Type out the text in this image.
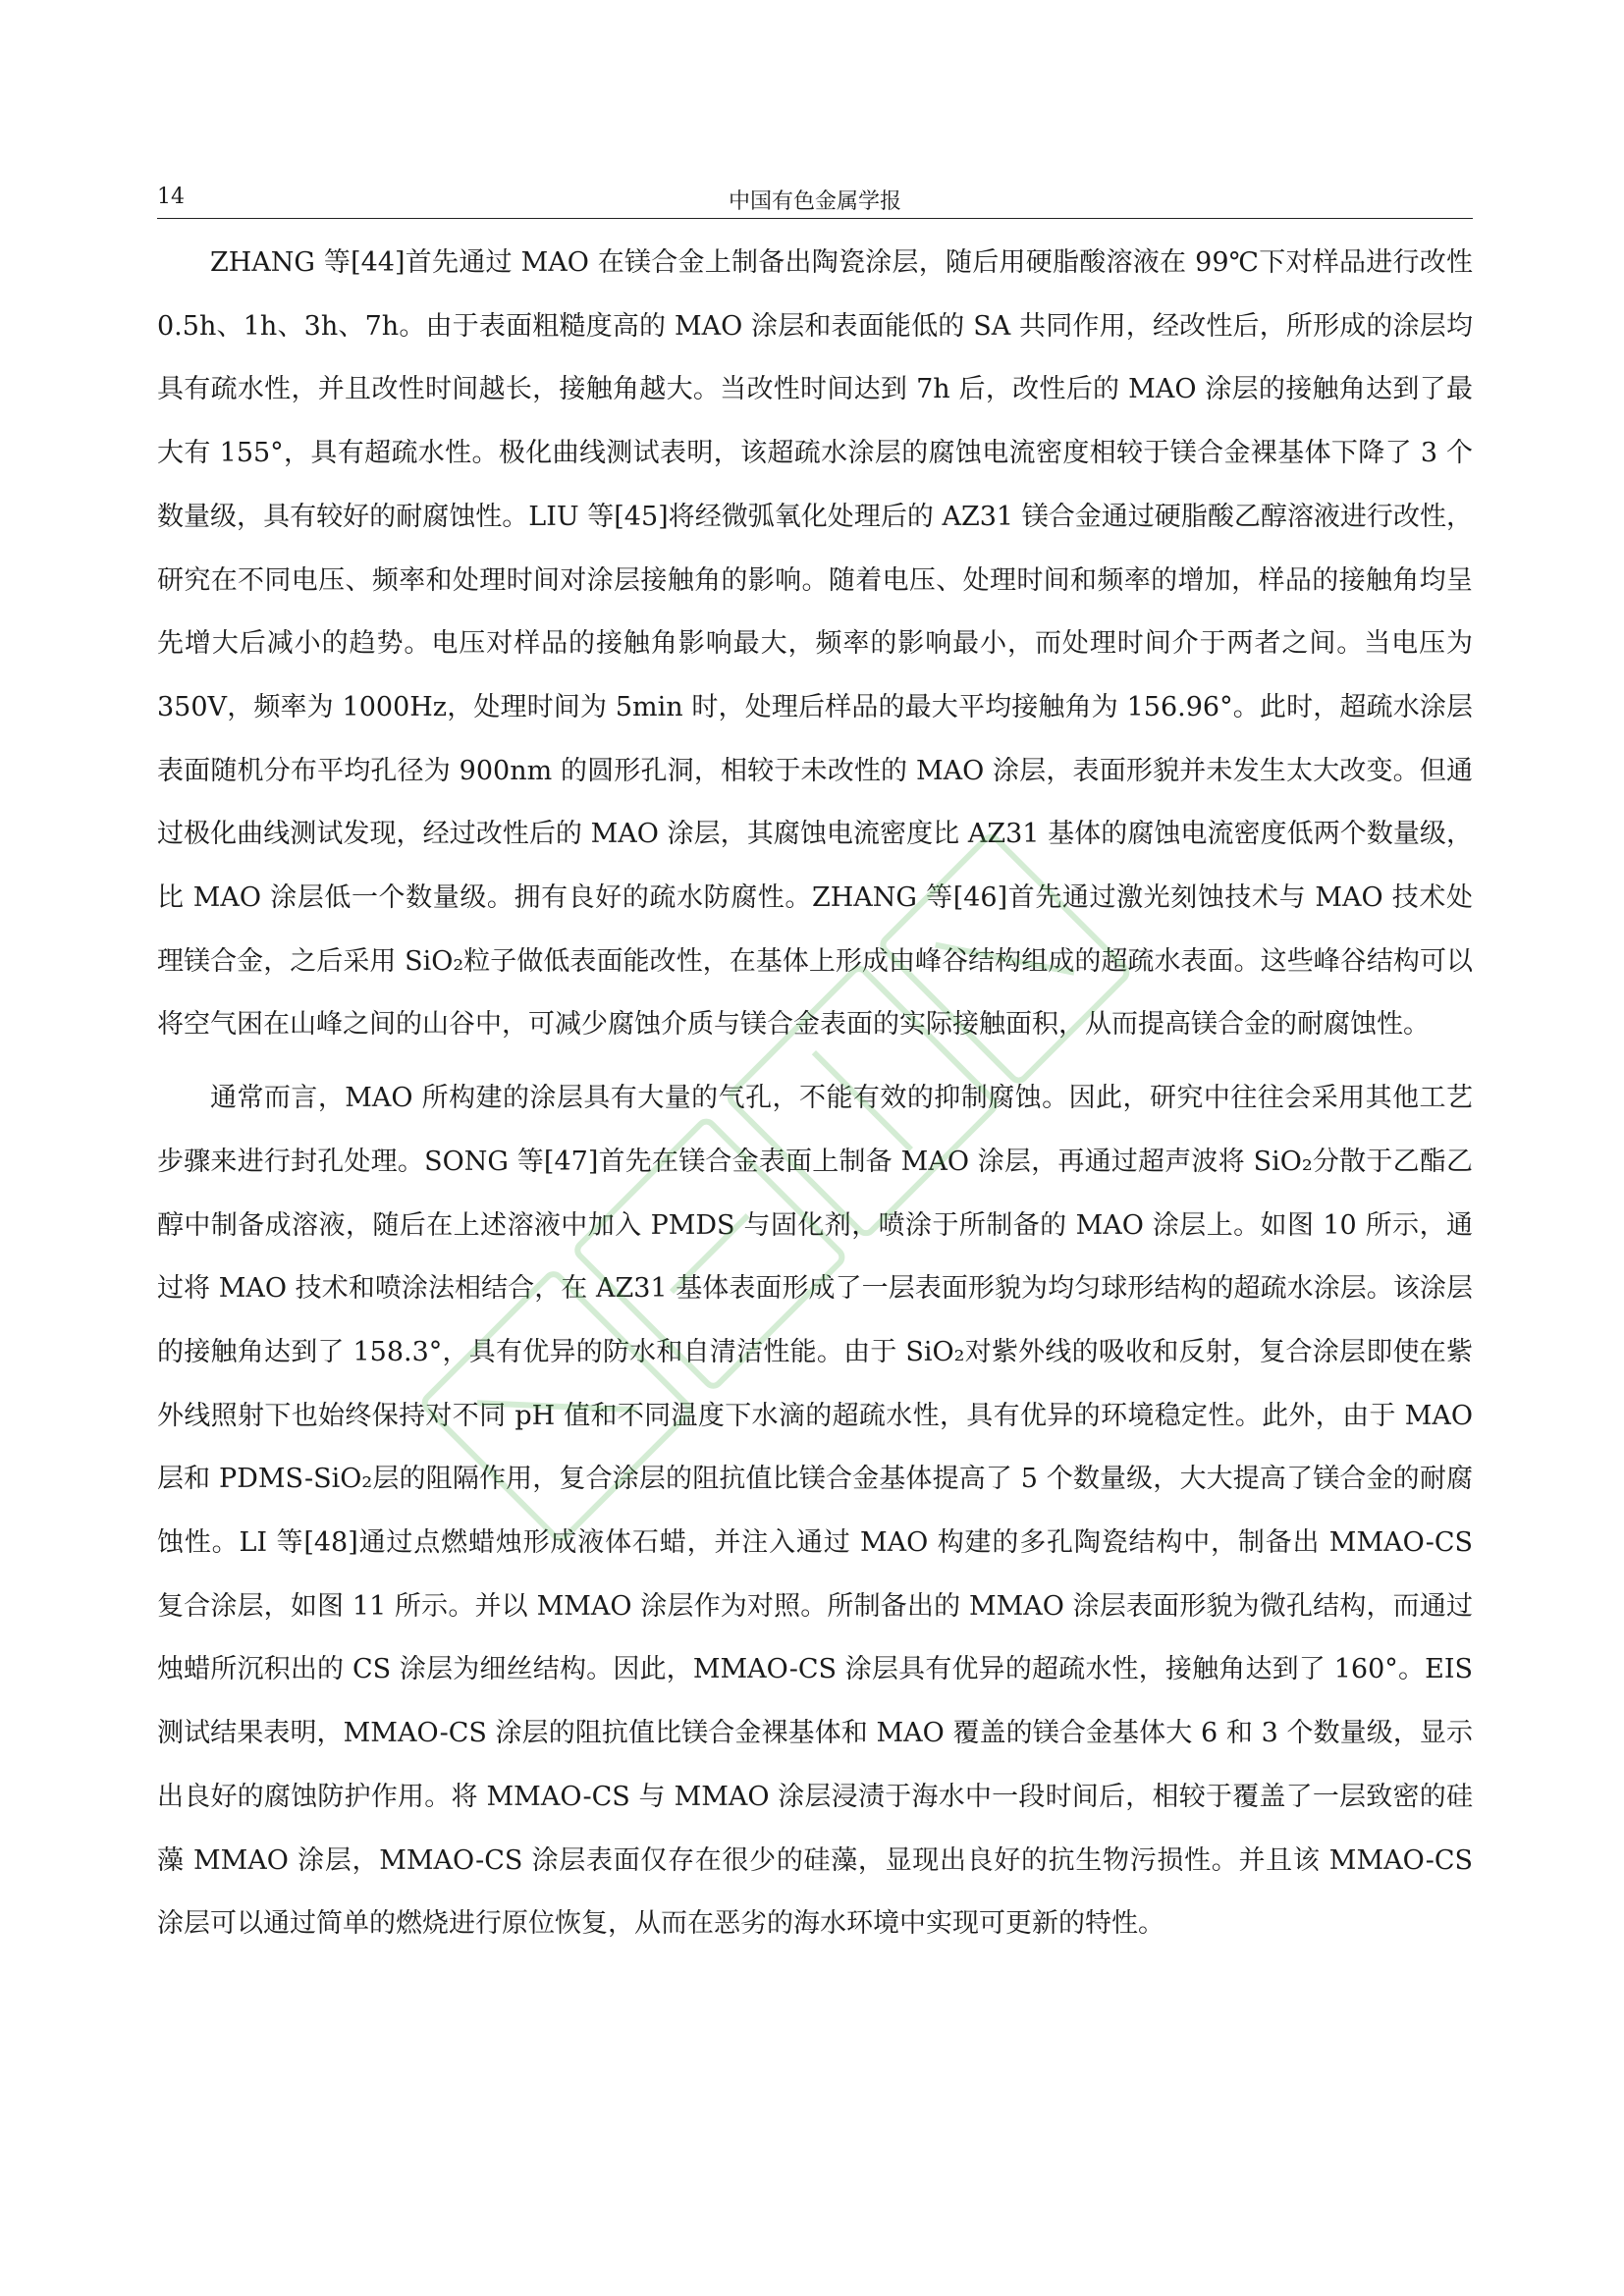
14	中国有色金属学报

ZHANG 等[44]首先通过 MAO 在镁合金上制备出陶瓷涂层，随后用硬脂酸溶液在 99℃下对样品进行改性 0.5h、1h、3h、7h。由于表面粗糙度高的 MAO 涂层和表面能低的 SA 共同作用，经改性后，所形成的涂层均具有疏水性，并且改性时间越长，接触角越大。当改性时间达到 7h 后，改性后的 MAO 涂层的接触角达到了最大有 155°，具有超疏水性。极化曲线测试表明，该超疏水涂层的腐蚀电流密度相较于镁合金裸基体下降了 3 个数量级，具有较好的耐腐蚀性。LIU 等[45]将经微弧氧化处理后的 AZ31 镁合金通过硬脂酸乙醇溶液进行改性，研究在不同电压、频率和处理时间对涂层接触角的影响。随着电压、处理时间和频率的增加，样品的接触角均呈先增大后减小的趋势。电压对样品的接触角影响最大，频率的影响最小，而处理时间介于两者之间。当电压为 350V，频率为 1000Hz，处理时间为 5min 时，处理后样品的最大平均接触角为 156.96°。此时，超疏水涂层表面随机分布平均孔径为 900nm 的圆形孔洞，相较于未改性的 MAO 涂层，表面形貌并未发生太大改变。但通过极化曲线测试发现，经过改性后的 MAO 涂层，其腐蚀电流密度比 AZ31 基体的腐蚀电流密度低两个数量级，比 MAO 涂层低一个数量级。拥有良好的疏水防腐性。ZHANG 等[46]首先通过激光刻蚀技术与 MAO 技术处理镁合金，之后采用 SiO₂粒子做低表面能改性，在基体上形成由峰谷结构组成的超疏水表面。这些峰谷结构可以将空气困在山峰之间的山谷中，可减少腐蚀介质与镁合金表面的实际接触面积，从而提高镁合金的耐腐蚀性。

通常而言，MAO 所构建的涂层具有大量的气孔，不能有效的抑制腐蚀。因此，研究中往往会采用其他工艺步骤来进行封孔处理。SONG 等[47]首先在镁合金表面上制备 MAO 涂层，再通过超声波将 SiO₂分散于乙酯乙醇中制备成溶液，随后在上述溶液中加入 PMDS 与固化剂，喷涂于所制备的 MAO 涂层上。如图 10 所示，通过将 MAO 技术和喷涂法相结合，在 AZ31 基体表面形成了一层表面形貌为均匀球形结构的超疏水涂层。该涂层的接触角达到了 158.3°，具有优异的防水和自清洁性能。由于 SiO₂对紫外线的吸收和反射，复合涂层即使在紫外线照射下也始终保持对不同 pH 值和不同温度下水滴的超疏水性，具有优异的环境稳定性。此外，由于 MAO 层和 PDMS-SiO₂层的阻隔作用，复合涂层的阻抗值比镁合金基体提高了 5 个数量级，大大提高了镁合金的耐腐蚀性。LI 等[48]通过点燃蜡烛形成液体石蜡，并注入通过 MAO 构建的多孔陶瓷结构中，制备出 MMAO-CS 复合涂层，如图 11 所示。并以 MMAO 涂层作为对照。所制备出的 MMAO 涂层表面形貌为微孔结构，而通过烛蜡所沉积出的 CS 涂层为细丝结构。因此，MMAO-CS 涂层具有优异的超疏水性，接触角达到了 160°。EIS 测试结果表明，MMAO-CS 涂层的阻抗值比镁合金裸基体和 MAO 覆盖的镁合金基体大 6 和 3 个数量级，显示出良好的腐蚀防护作用。将 MMAO-CS 与 MMAO 涂层浸渍于海水中一段时间后，相较于覆盖了一层致密的硅藻 MMAO 涂层，MMAO-CS 涂层表面仅存在很少的硅藻，显现出良好的抗生物污损性。并且该 MMAO-CS 涂层可以通过简单的燃烧进行原位恢复，从而在恶劣的海水环境中实现可更新的特性。
